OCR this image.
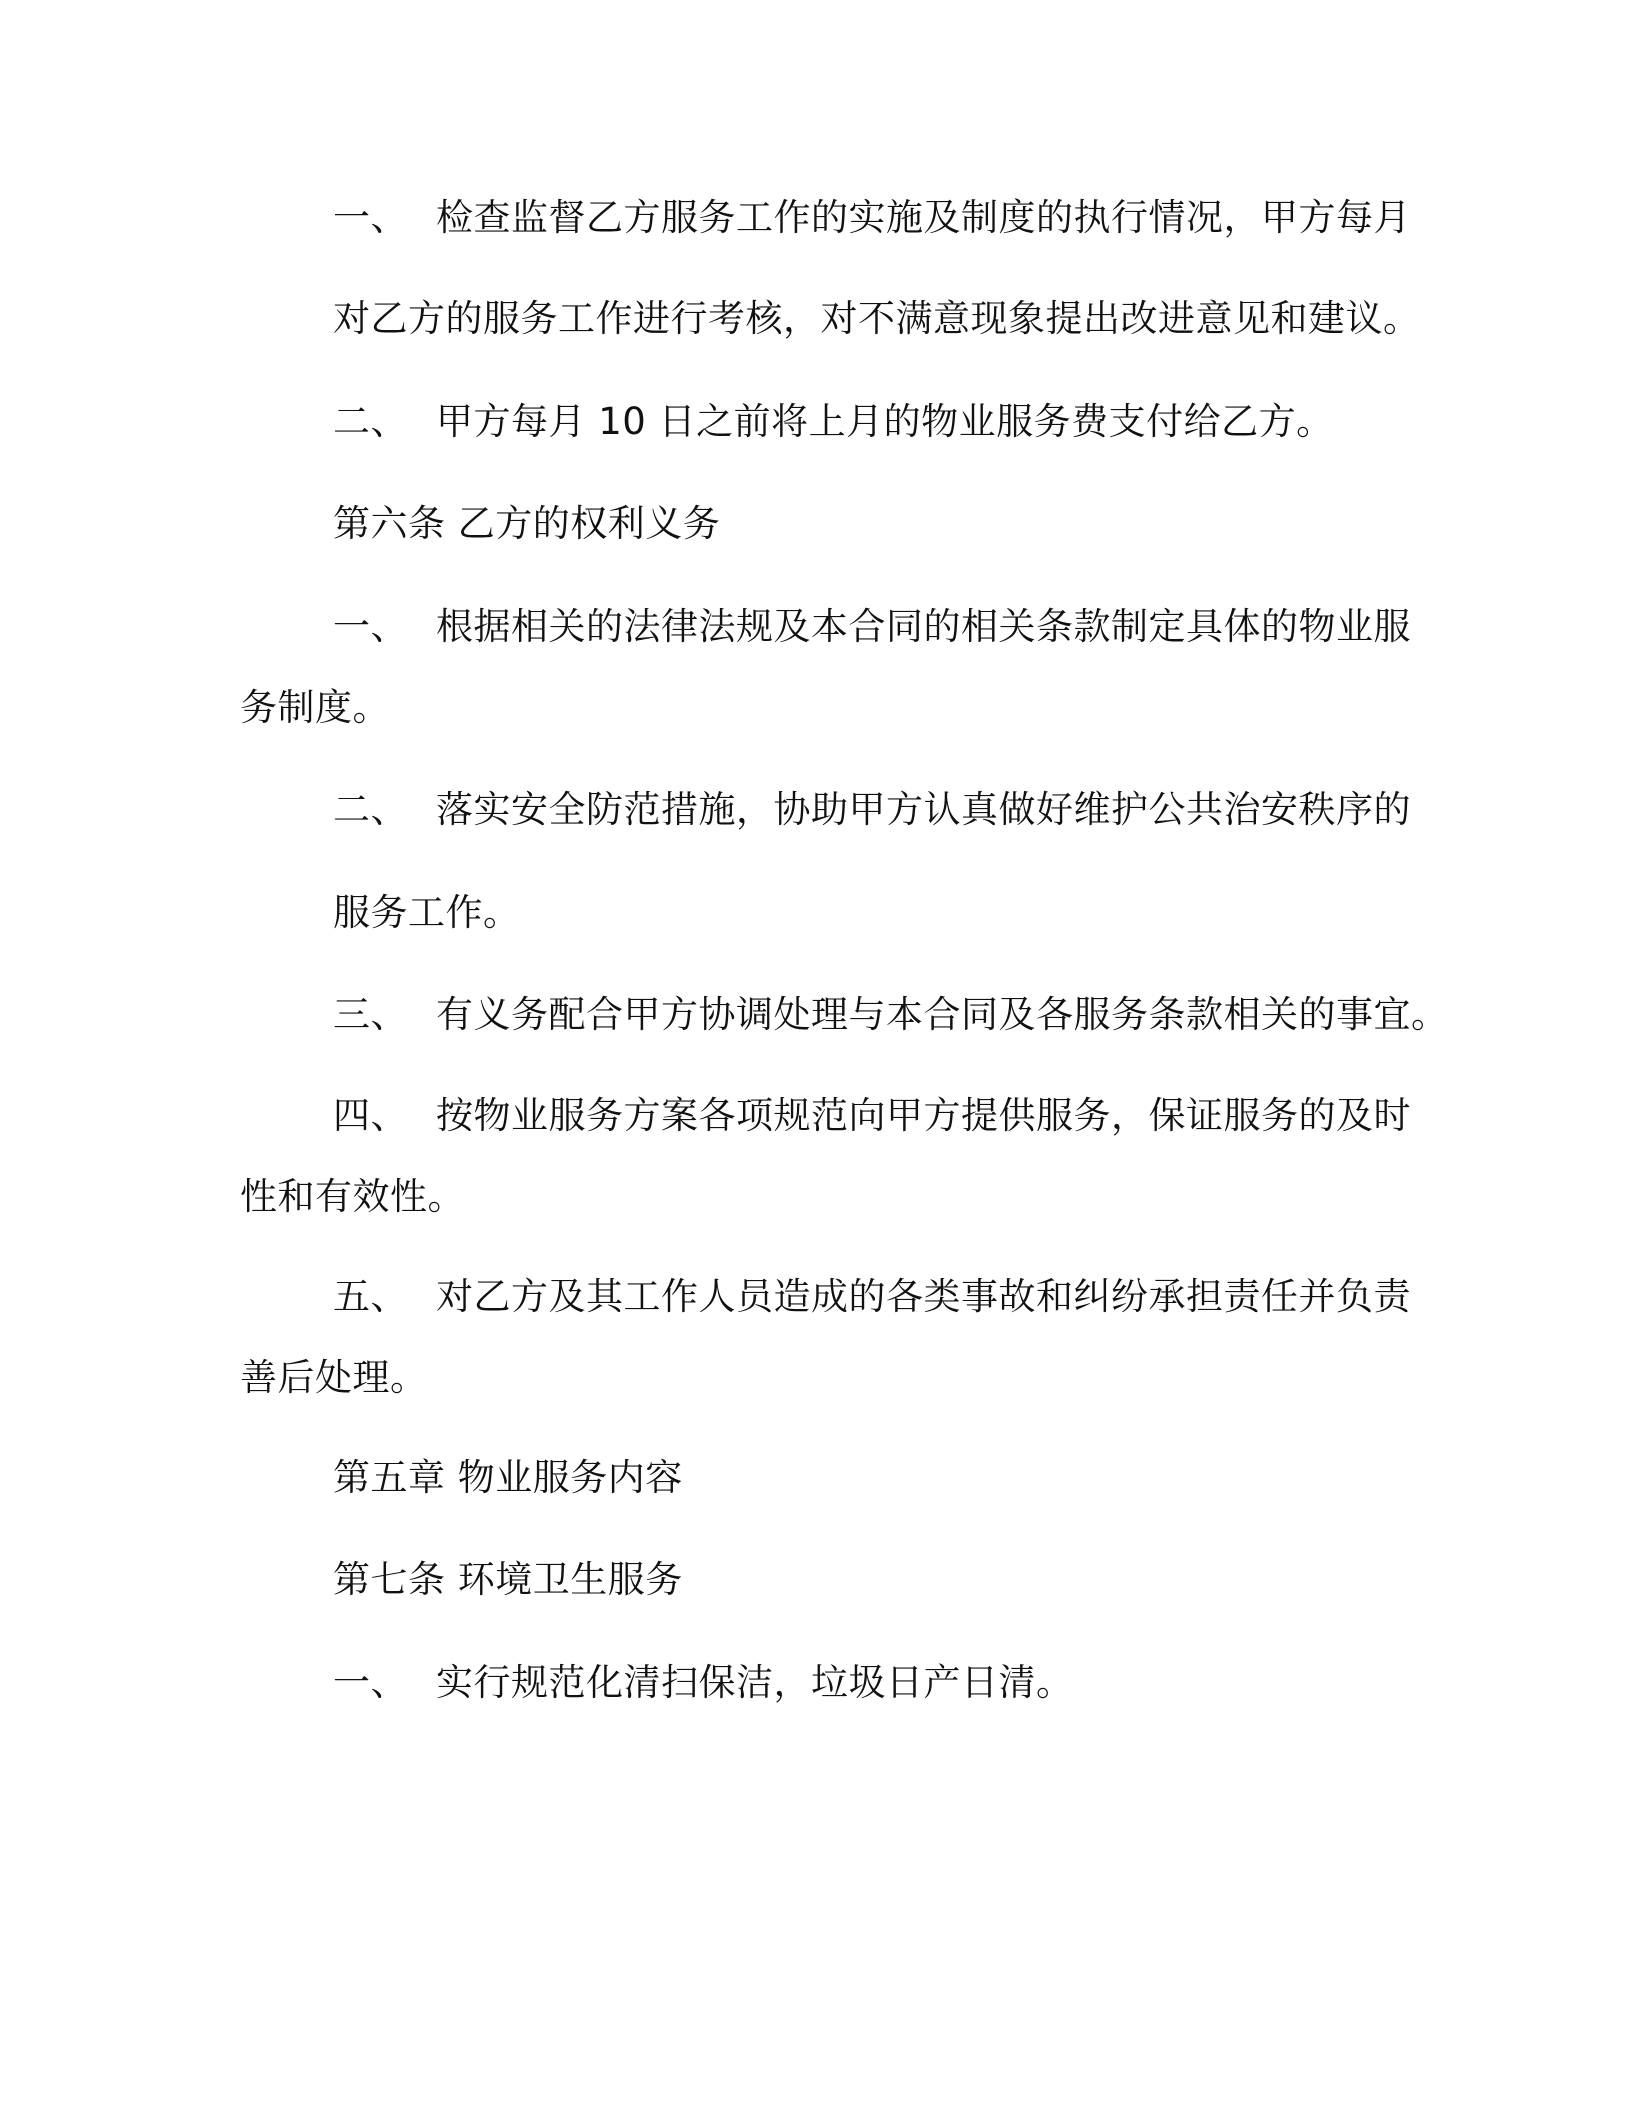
一、 检查监督乙方服务工作的实施及制度的执行情况，甲方每月
对乙方的服务工作进行考核，对不满意现象提出改进意见和建议。
二、 甲方每月 10 日之前将上月的物业服务费支付给乙方。
第六条 乙方的权利义务
一、 根据相关的法律法规及本合同的相关条款制定具体的物业服
务制度。
二、 落实安全防范措施，协助甲方认真做好维护公共治安秩序的
服务工作。
三、 有义务配合甲方协调处理与本合同及各服务条款相关的事宜。
四、 按物业服务方案各项规范向甲方提供服务，保证服务的及时
性和有效性。
五、 对乙方及其工作人员造成的各类事故和纠纷承担责任并负责
善后处理。
第五章 物业服务内容
第七条 环境卫生服务
一、 实行规范化清扫保洁，垃圾日产日清。
